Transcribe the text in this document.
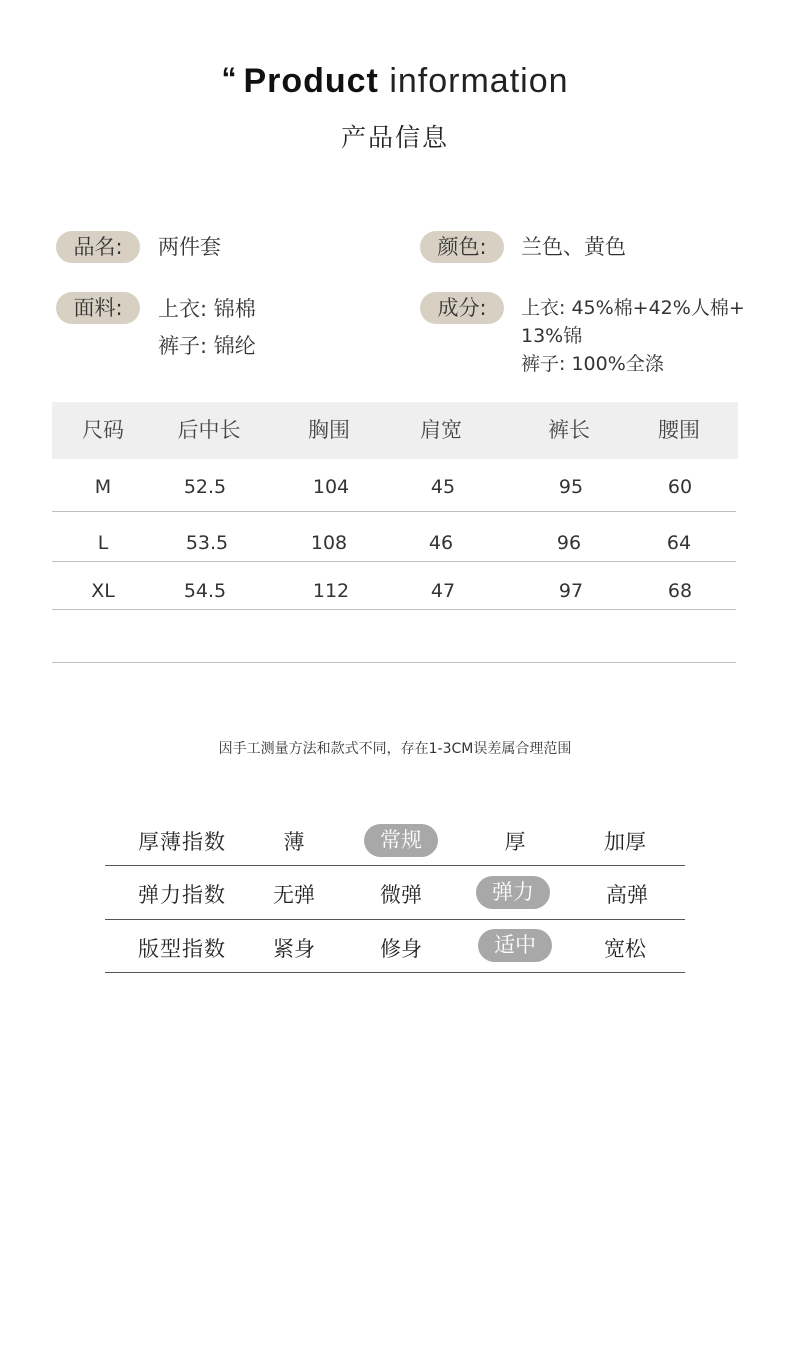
“ Product information
产品信息
品名:	两件套	颜色:	兰色、黄色
面料:	上衣: 锦棉
裤子: 锦纶
成分:	上衣: 45%棉+42%人棉+
13%锦
裤子: 100%全涤
尺码	后中长	胸围	肩宽	裤长	腰围
M	52.5	104	45	95	60
L	53.5	108	46	96	64
XL	54.5	112	47	97	68
因手工测量方法和款式不同，存在1-3CM误差属合理范围
厚薄指数	薄	常规	厚	加厚
弹力指数	无弹	微弹	弹力	高弹
版型指数	紧身	修身	适中	宽松
